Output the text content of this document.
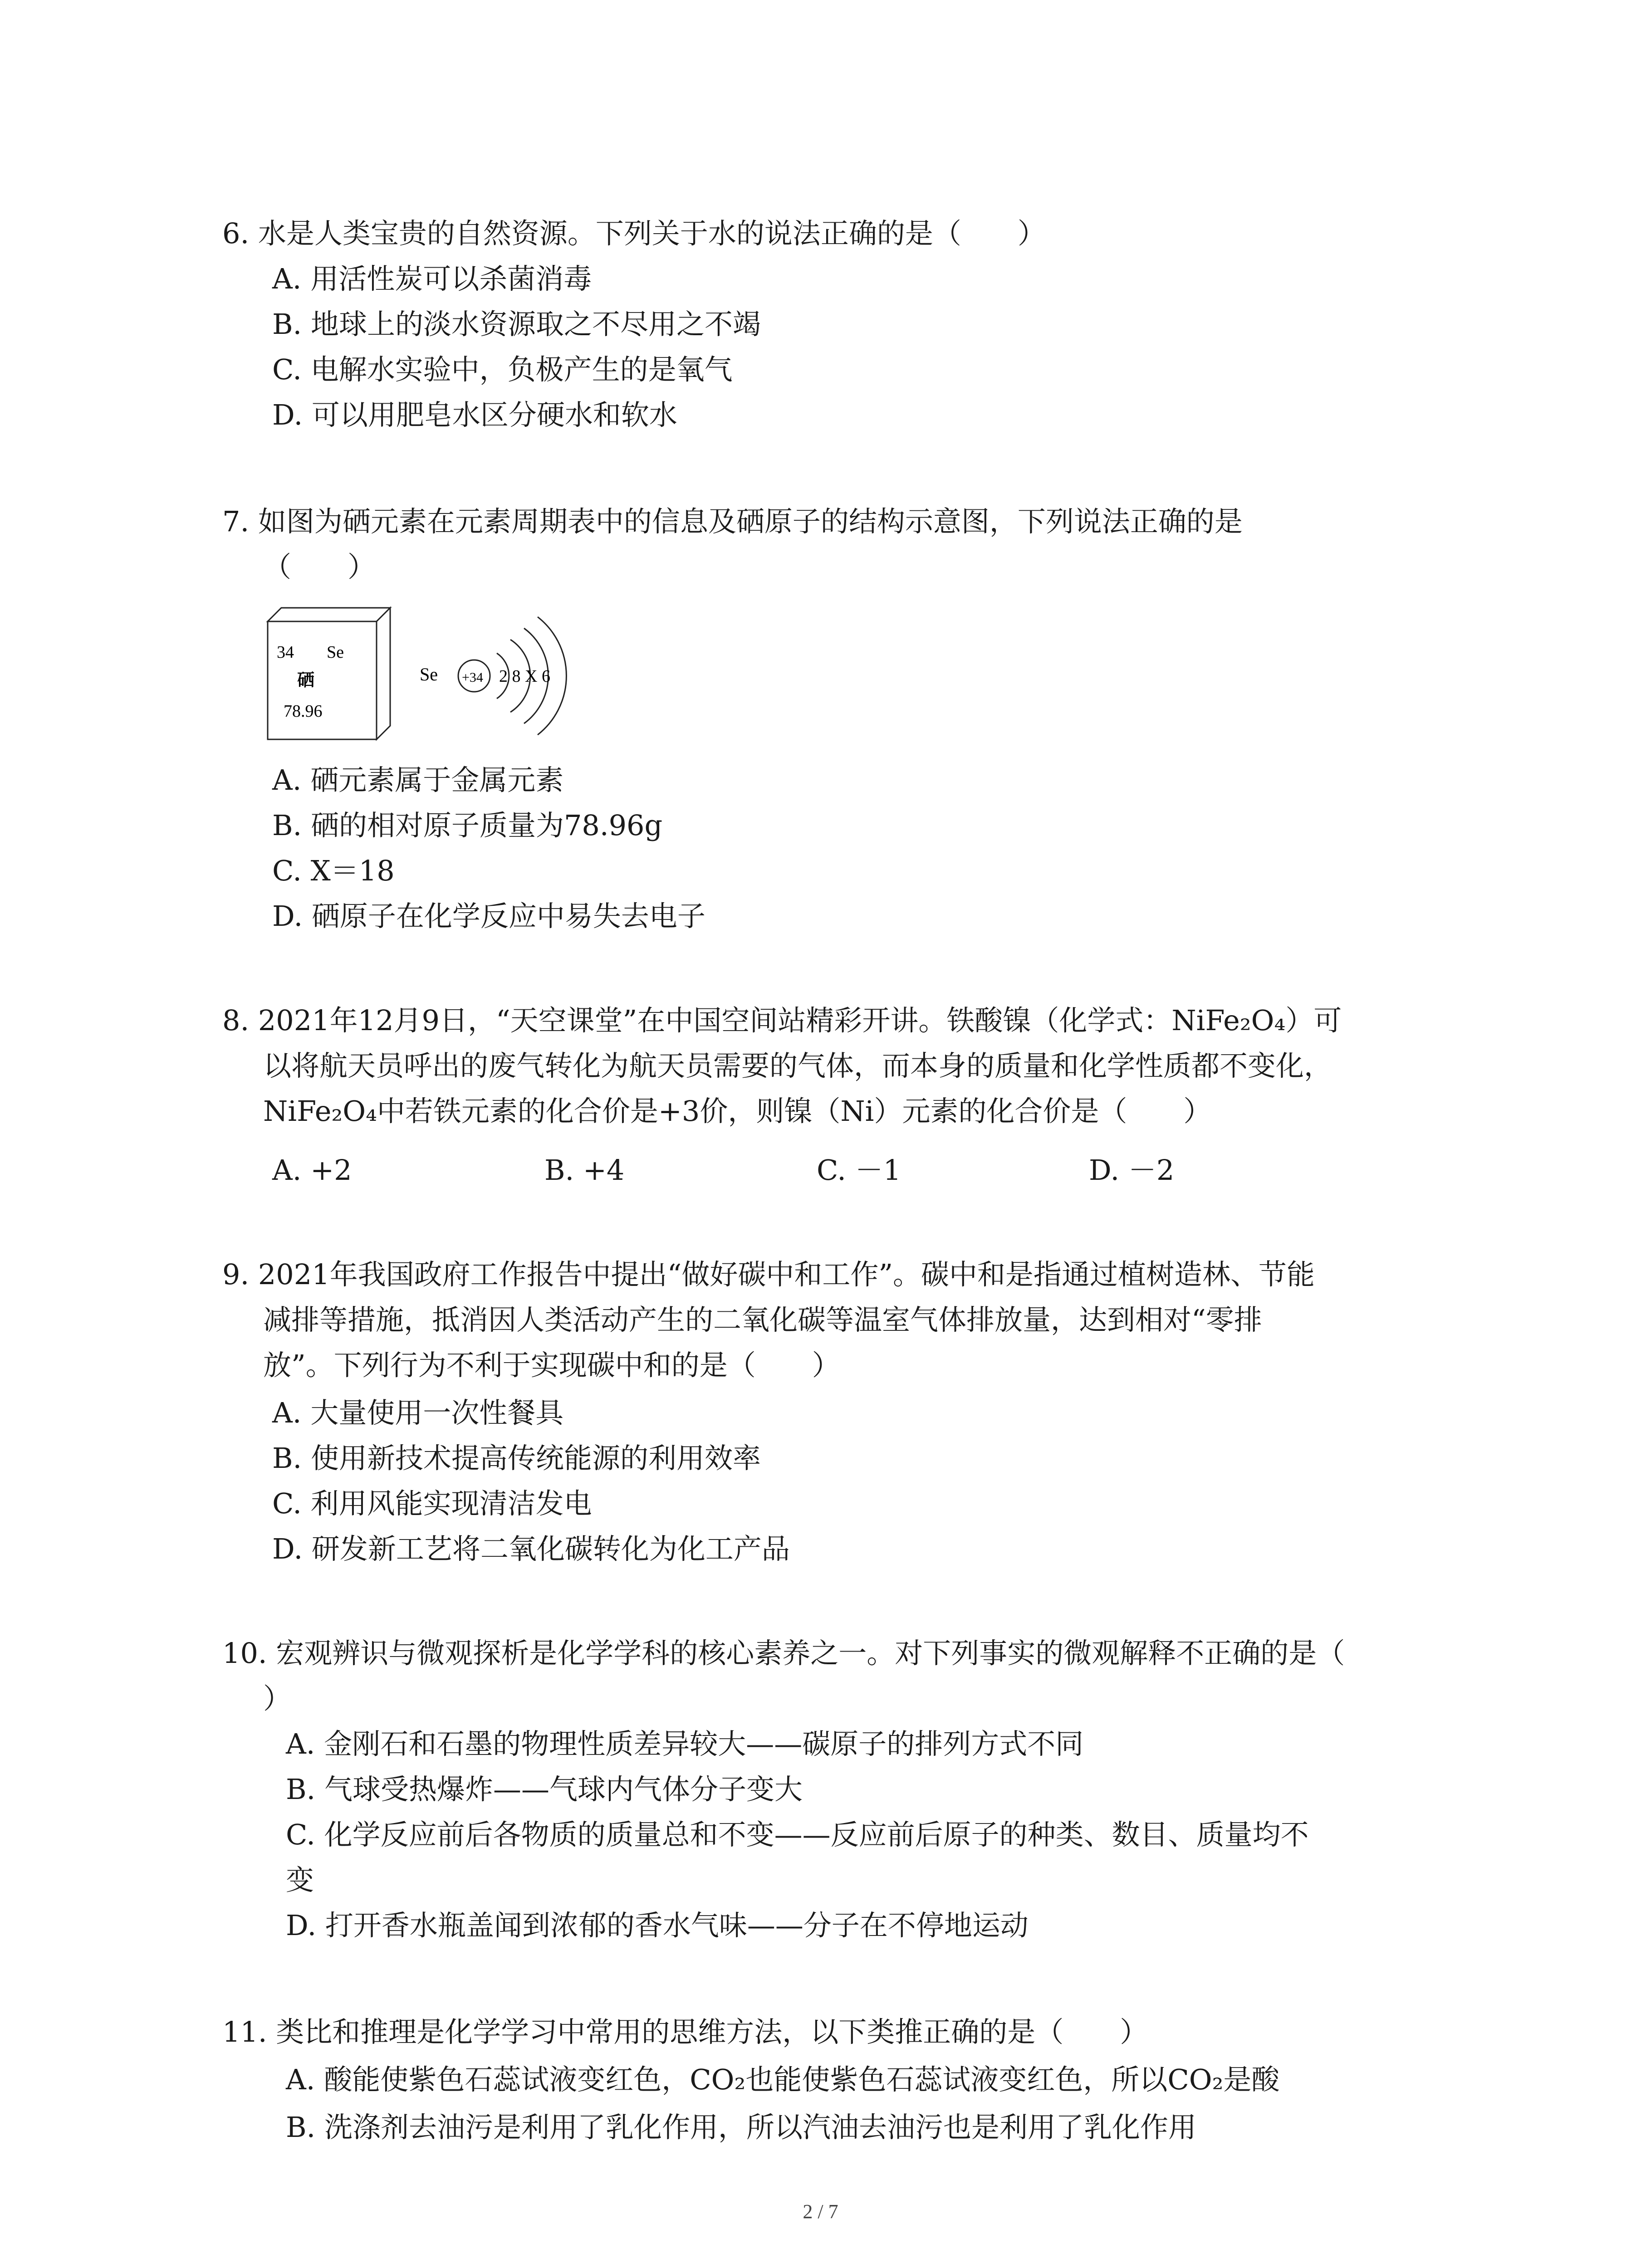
6. 水是人类宝贵的自然资源。下列关于水的说法正确的是（　　）
A. 用活性炭可以杀菌消毒
B. 地球上的淡水资源取之不尽用之不竭
C. 电解水实验中，负极产生的是氧气
D. 可以用肥皂水区分硬水和软水
7. 如图为硒元素在元素周期表中的信息及硒原子的结构示意图，下列说法正确的是
（　　）
34 Se
硒
78.96
Se +34 2 8 X 6
A. 硒元素属于金属元素
B. 硒的相对原子质量为78.96g
C. X＝18
D. 硒原子在化学反应中易失去电子
8. 2021年12月9日，“天空课堂”在中国空间站精彩开讲。铁酸镍（化学式：NiFe₂O₄）可
以将航天员呼出的废气转化为航天员需要的气体，而本身的质量和化学性质都不变化，
NiFe₂O₄中若铁元素的化合价是+3价，则镍（Ni）元素的化合价是（　　）
A. +2	B. +4	C. －1	D. －2
9. 2021年我国政府工作报告中提出“做好碳中和工作”。碳中和是指通过植树造林、节能
减排等措施，抵消因人类活动产生的二氧化碳等温室气体排放量，达到相对“零排
放”。下列行为不利于实现碳中和的是（　　）
A. 大量使用一次性餐具
B. 使用新技术提高传统能源的利用效率
C. 利用风能实现清洁发电
D. 研发新工艺将二氧化碳转化为化工产品
10. 宏观辨识与微观探析是化学学科的核心素养之一。对下列事实的微观解释不正确的是（
）
A. 金刚石和石墨的物理性质差异较大——碳原子的排列方式不同
B. 气球受热爆炸——气球内气体分子变大
C. 化学反应前后各物质的质量总和不变——反应前后原子的种类、数目、质量均不
变
D. 打开香水瓶盖闻到浓郁的香水气味——分子在不停地运动
11. 类比和推理是化学学习中常用的思维方法，以下类推正确的是（　　）
A. 酸能使紫色石蕊试液变红色，CO₂也能使紫色石蕊试液变红色，所以CO₂是酸
B. 洗涤剂去油污是利用了乳化作用，所以汽油去油污也是利用了乳化作用
2 / 7
